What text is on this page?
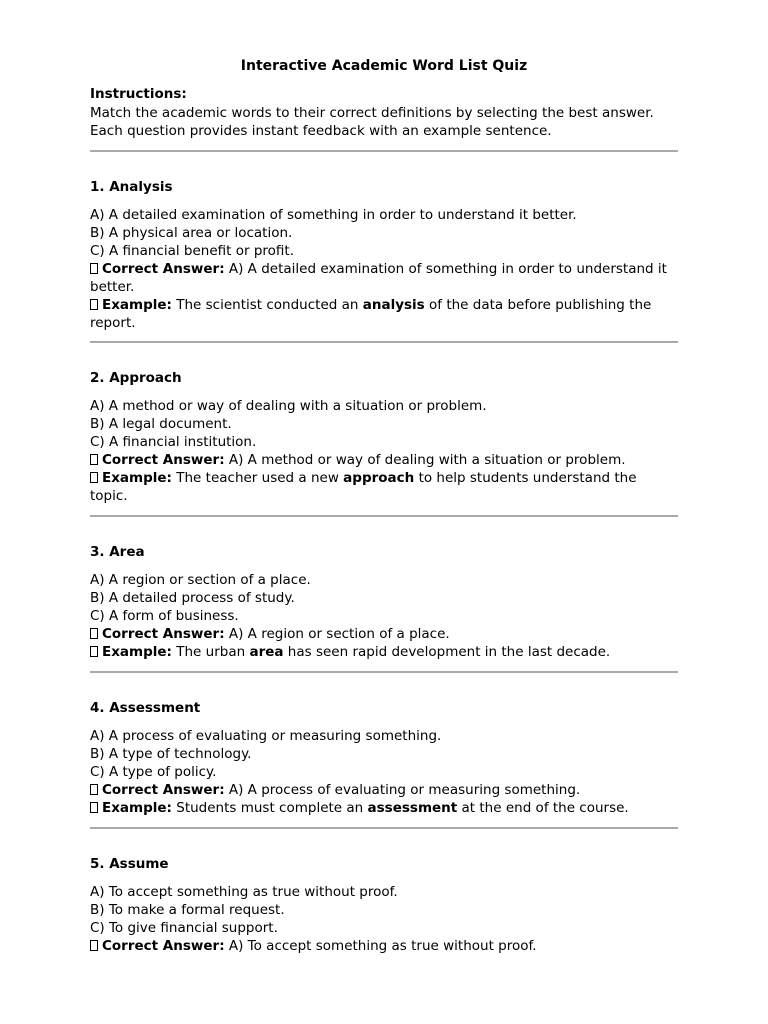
Interactive Academic Word List Quiz
Instructions:
Match the academic words to their correct definitions by selecting the best answer.
Each question provides instant feedback with an example sentence.
1. Analysis
A) A detailed examination of something in order to understand it better.
B) A physical area or location.
C) A financial benefit or profit.
Correct Answer: A) A detailed examination of something in order to understand it better.
Example: The scientist conducted an analysis of the data before publishing the report.
2. Approach
A) A method or way of dealing with a situation or problem.
B) A legal document.
C) A financial institution.
Correct Answer: A) A method or way of dealing with a situation or problem.
Example: The teacher used a new approach to help students understand the topic.
3. Area
A) A region or section of a place.
B) A detailed process of study.
C) A form of business.
Correct Answer: A) A region or section of a place.
Example: The urban area has seen rapid development in the last decade.
4. Assessment
A) A process of evaluating or measuring something.
B) A type of technology.
C) A type of policy.
Correct Answer: A) A process of evaluating or measuring something.
Example: Students must complete an assessment at the end of the course.
5. Assume
A) To accept something as true without proof.
B) To make a formal request.
C) To give financial support.
Correct Answer: A) To accept something as true without proof.
